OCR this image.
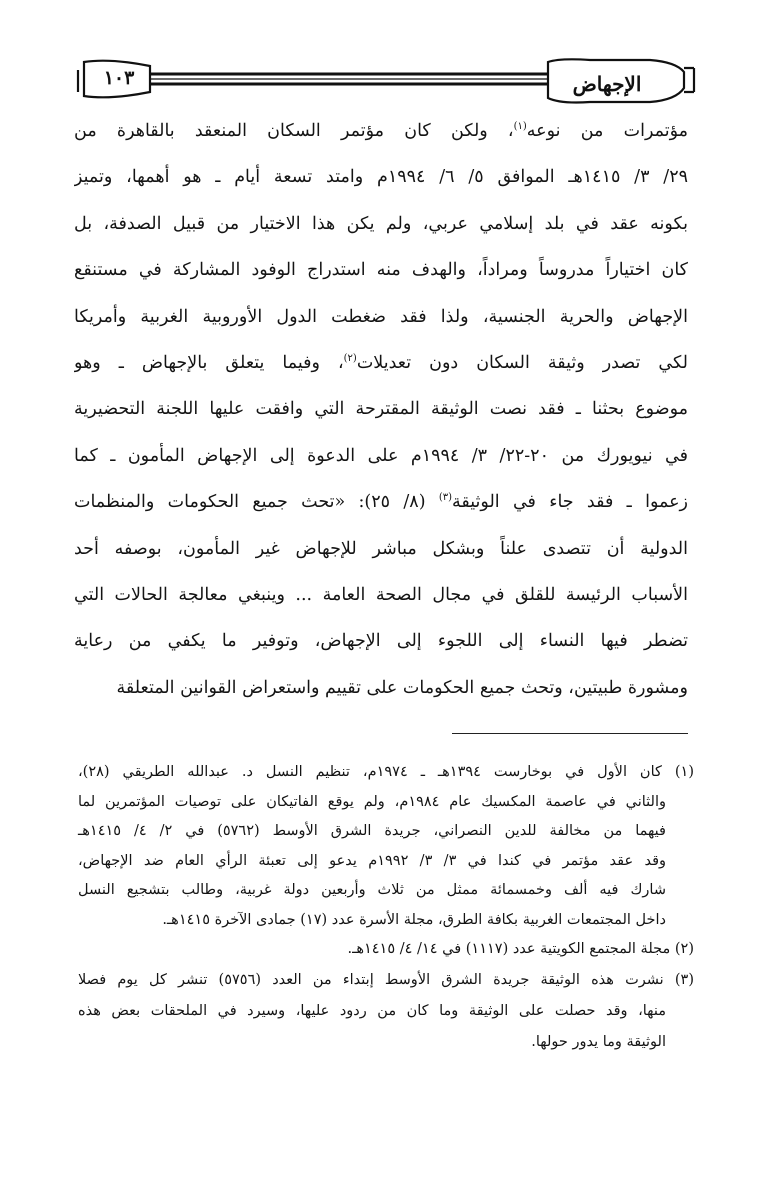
الإجهاض
١٠٣

مؤتمرات من نوعه$^{(١)}$، ولكن كان مؤتمر السكان المنعقد بالقاهرة من

٢٩/ ٣/ ١٤١٥هـ الموافق ٥/ ٦/ ١٩٩٤م وامتد تسعة أيام ـ هو أهمها، وتميز

بكونه عقد في بلد إسلامي عربي، ولم يكن هذا الاختيار من قبيل الصدفة، بل

كان اختياراً مدروساً ومراداً، والهدف منه استدراج الوفود المشاركة في مستنقع

الإجهاض والحرية الجنسية، ولذا فقد ضغطت الدول الأوروبية الغربية وأمريكا

لكي تصدر وثيقة السكان دون تعديلات$^{(٢)}$، وفيما يتعلق بالإجهاض ـ وهو

موضوع بحثنا ـ فقد نصت الوثيقة المقترحة التي وافقت عليها اللجنة التحضيرية

في نيويورك من ٢٠-٢٢/ ٣/ ١٩٩٤م على الدعوة إلى الإجهاض المأمون ـ كما

زعموا ـ فقد جاء في الوثيقة$^{(٣)}$ (٨/ ٢٥): «تحث جميع الحكومات والمنظمات

الدولية أن تتصدى علناً وبشكل مباشر للإجهاض غير المأمون، بوصفه أحد

الأسباب الرئيسة للقلق في مجال الصحة العامة ... وينبغي معالجة الحالات التي

تضطر فيها النساء إلى اللجوء إلى الإجهاض، وتوفير ما يكفي من رعاية

ومشورة طبيتين، وتحث جميع الحكومات على تقييم واستعراض القوانين المتعلقة

(١) كان الأول في بوخارست ١٣٩٤هـ ـ ١٩٧٤م، تنظيم النسل د. عبدالله الطريقي (٢٨)،

والثاني في عاصمة المكسيك عام ١٩٨٤م، ولم يوقع الفاتيكان على توصيات المؤتمرين لما

فيهما من مخالفة للدين النصراني، جريدة الشرق الأوسط (٥٧٦٢) في ٢/ ٤/ ١٤١٥هـ

وقد عقد مؤتمر في كندا في ٣/ ٣/ ١٩٩٢م يدعو إلى تعبئة الرأي العام ضد الإجهاض،

شارك فيه ألف وخمسمائة ممثل من ثلاث وأربعين دولة غربية، وطالب بتشجيع النسل

داخل المجتمعات الغربية بكافة الطرق، مجلة الأسرة عدد (١٧) جمادى الآخرة ١٤١٥هـ.

(٢) مجلة المجتمع الكويتية عدد (١١١٧) في ١٤/ ٤/ ١٤١٥هـ.

(٣) نشرت هذه الوثيقة جريدة الشرق الأوسط إبتداء من العدد (٥٧٥٦) تنشر كل يوم فصلا

منها، وقد حصلت على الوثيقة وما كان من ردود عليها، وسيرد في الملحقات بعض هذه

الوثيقة وما يدور حولها.
